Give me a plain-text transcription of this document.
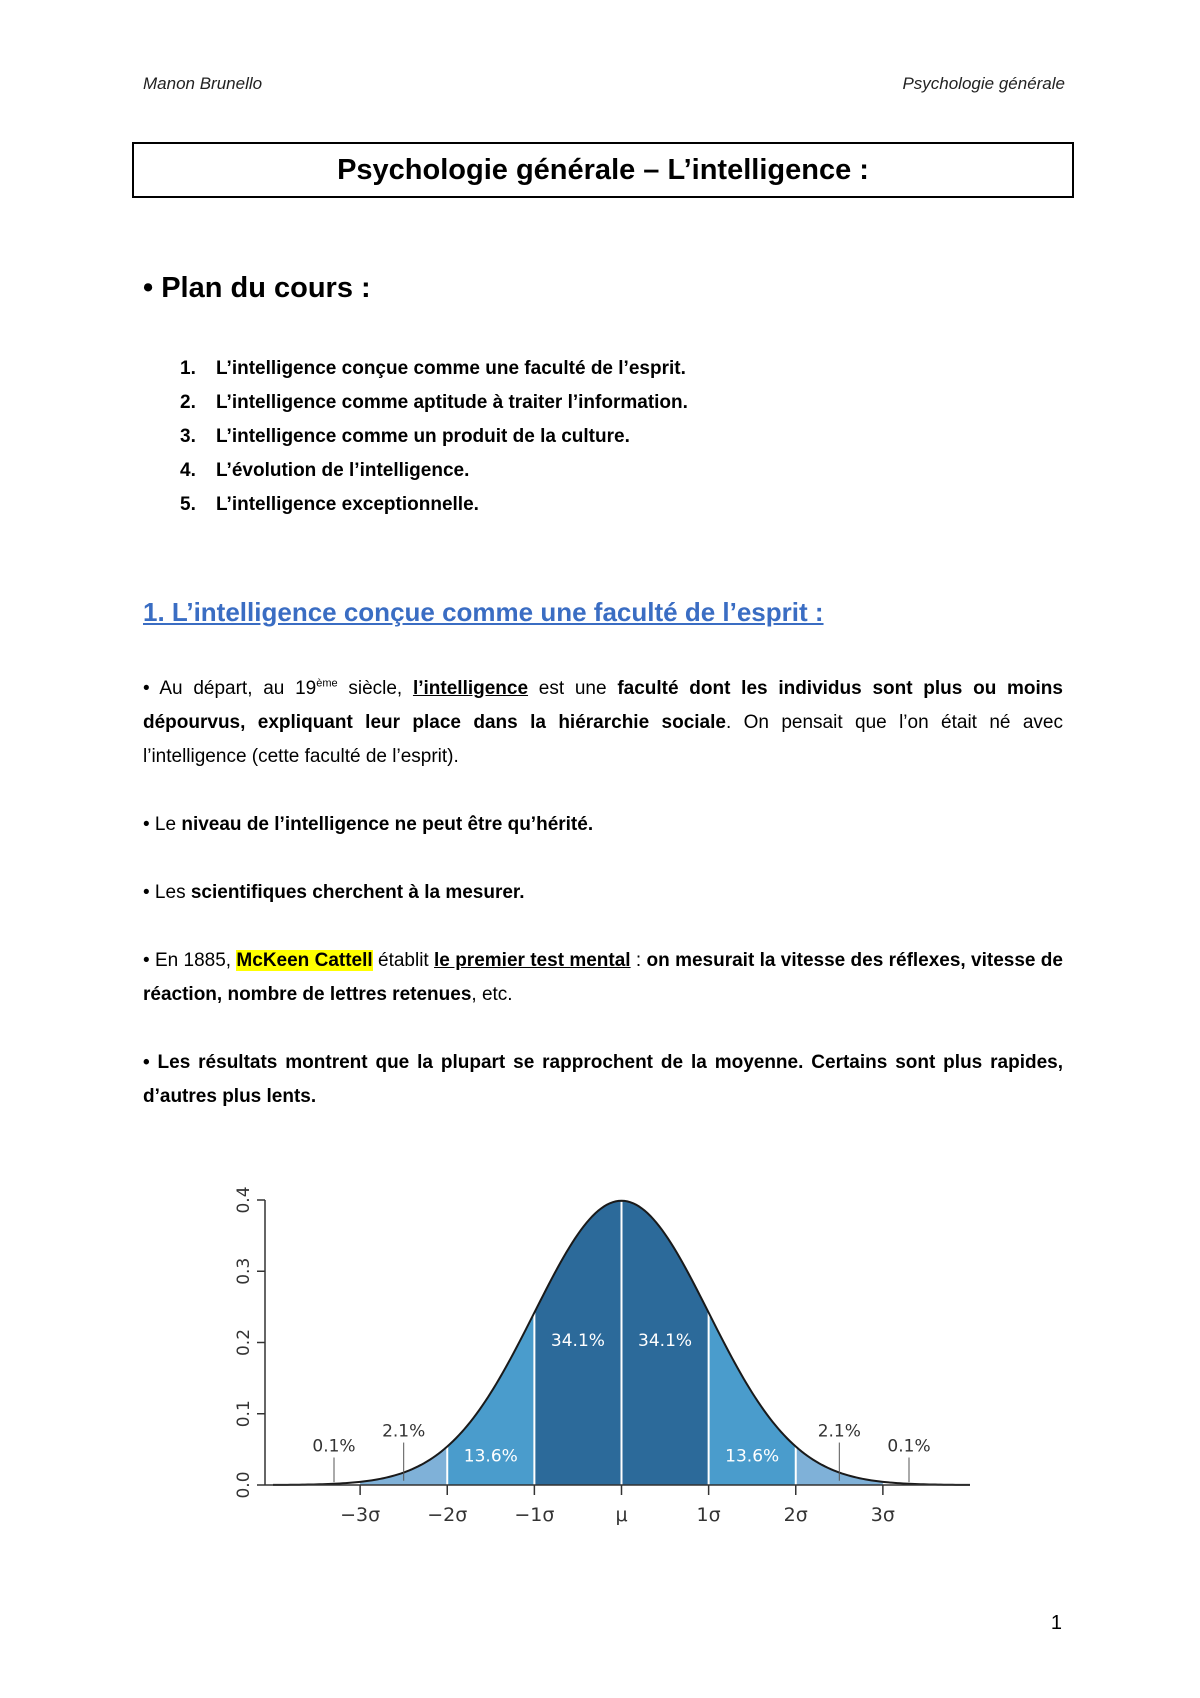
Manon Brunello	Psychologie générale
Psychologie générale – L’intelligence :
• Plan du cours :
1. L’intelligence conçue comme une faculté de l’esprit.
2. L’intelligence comme aptitude à traiter l’information.
3. L’intelligence comme un produit de la culture.
4. L’évolution de l’intelligence.
5. L’intelligence exceptionnelle.
1. L’intelligence conçue comme une faculté de l’esprit :
• Au départ, au 19ème siècle, l’intelligence est une faculté dont les individus sont plus ou moins dépourvus, expliquant leur place dans la hiérarchie sociale. On pensait que l’on était né avec l’intelligence (cette faculté de l’esprit).
• Le niveau de l’intelligence ne peut être qu’hérité.
• Les scientifiques cherchent à la mesurer.
• En 1885, McKeen Cattell établit le premier test mental : on mesurait la vitesse des réflexes, vitesse de réaction, nombre de lettres retenues, etc.
• Les résultats montrent que la plupart se rapprochent de la moyenne. Certains sont plus rapides, d’autres plus lents.
0.0
0.1
0.2
0.3
0.4
−3σ −2σ −1σ	μ	1σ	2σ	3σ
2.1%
13.6%
34.1% 34.1%
13.6%
2.1%
0.1%	0.1%
1
